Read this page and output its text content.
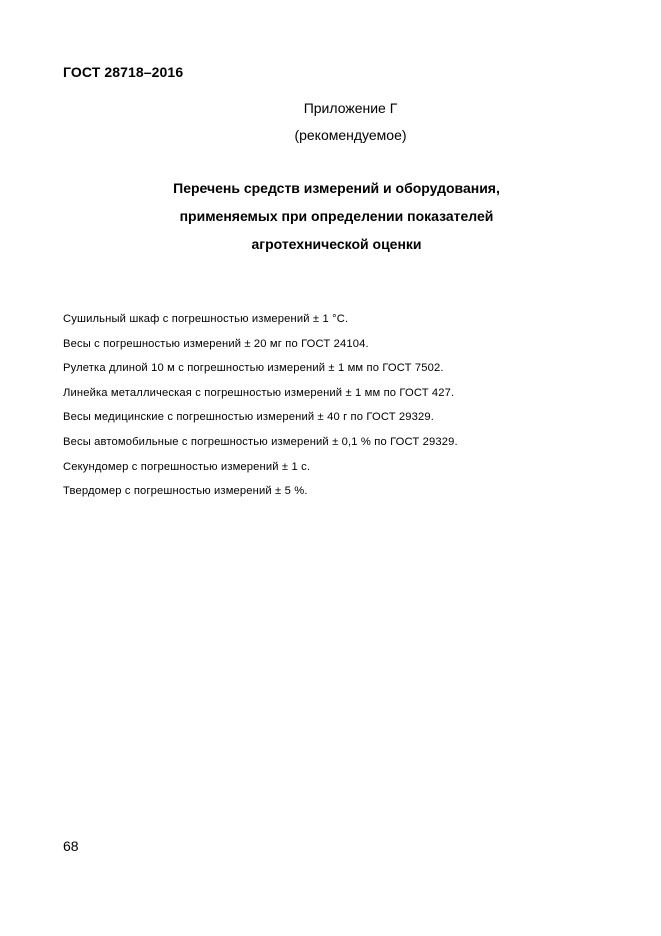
ГОСТ 28718–2016
Приложение Г
(рекомендуемое)
Перечень средств измерений и оборудования,
применяемых при определении показателей
агротехнической оценки
Сушильный шкаф с погрешностью измерений ± 1 °С.
Весы с погрешностью измерений ± 20 мг по ГОСТ 24104.
Рулетка длиной 10 м с погрешностью измерений ± 1 мм по ГОСТ 7502.
Линейка металлическая с погрешностью измерений ± 1 мм по ГОСТ 427.
Весы медицинские с погрешностью измерений ± 40 г по ГОСТ 29329.
Весы автомобильные с погрешностью измерений ± 0,1 % по ГОСТ 29329.
Секундомер с погрешностью измерений ± 1 с.
Твердомер с погрешностью измерений ± 5 %.
68
